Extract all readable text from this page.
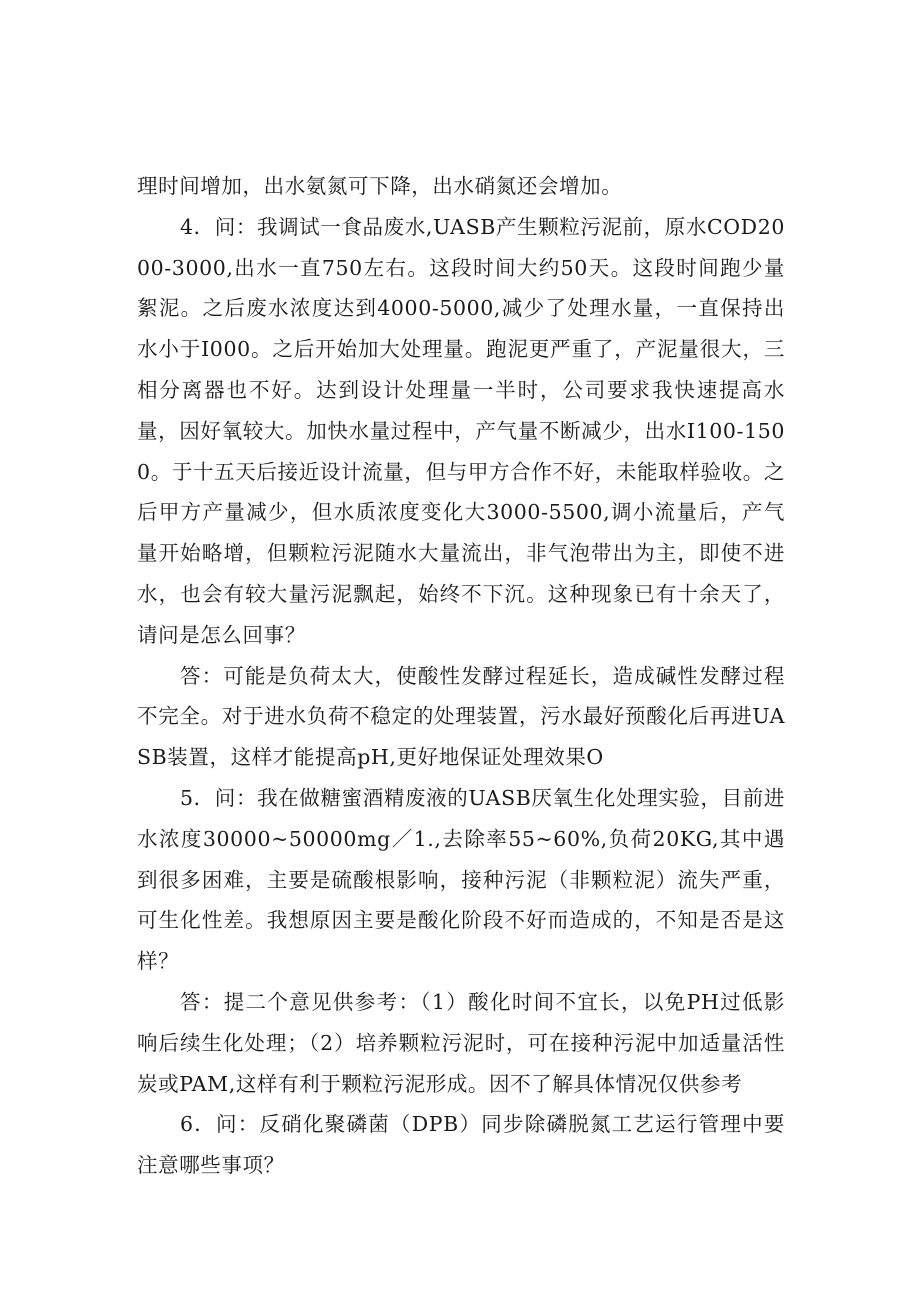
理时间增加，出水氨氮可下降，出水硝氮还会增加。

4．问：我调试一食品废水,UASB产生颗粒污泥前，原水COD2000-3000,出水一直750左右。这段时间大约50天。这段时间跑少量絮泥。之后废水浓度达到4000-5000,减少了处理水量，一直保持出水小于I000。之后开始加大处理量。跑泥更严重了，产泥量很大，三相分离器也不好。达到设计处理量一半时，公司要求我快速提高水量，因好氧较大。加快水量过程中，产气量不断减少，出水I100-1500。于十五天后接近设计流量，但与甲方合作不好，未能取样验收。之后甲方产量减少，但水质浓度变化大3000-5500,调小流量后，产气量开始略增，但颗粒污泥随水大量流出，非气泡带出为主，即使不进水，也会有较大量污泥飘起，始终不下沉。这种现象已有十余天了，请问是怎么回事？

答：可能是负荷太大，使酸性发酵过程延长，造成碱性发酵过程不完全。对于进水负荷不稳定的处理装置，污水最好预酸化后再进UASB装置，这样才能提高pH,更好地保证处理效果O

5．问：我在做糖蜜酒精废液的UASB厌氧生化处理实验，目前进水浓度30000~50000mg／1.,去除率55~60%,负荷20KG,其中遇到很多困难，主要是硫酸根影响，接种污泥（非颗粒泥）流失严重，可生化性差。我想原因主要是酸化阶段不好而造成的，不知是否是这样？

答：提二个意见供参考：（1）酸化时间不宜长，以免PH过低影响后续生化处理；（2）培养颗粒污泥时，可在接种污泥中加适量活性炭或PAM,这样有利于颗粒污泥形成。因不了解具体情况仅供参考

6．问：反硝化聚磷菌（DPB）同步除磷脱氮工艺运行管理中要注意哪些事项？
